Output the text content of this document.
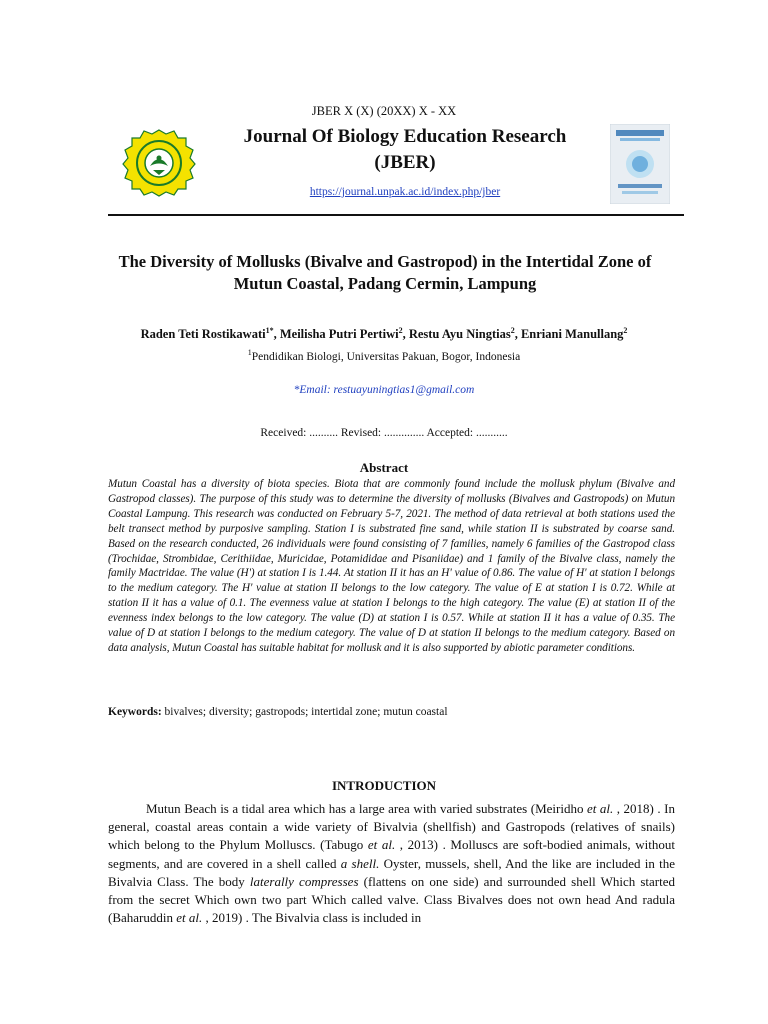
JBER X (X) (20XX) X - XX
Journal Of Biology Education Research
(JBER)
https://journal.unpak.ac.id/index.php/jber
The Diversity of Mollusks (Bivalve and Gastropod) in the Intertidal Zone of
Mutun Coastal, Padang Cermin, Lampung
Raden Teti Rostikawati$^{1*}$, Meilisha Putri Pertiwi$^2$, Restu Ayu Ningtias$^2$, Enriani Manullang$^2$
$^1$Pendidikan Biologi, Universitas Pakuan, Bogor, Indonesia
*Email: restuayuningtias1@gmail.com
Received: .......... Revised: .............. Accepted: ...........
Abstract
Mutun Coastal has a diversity of biota species. Biota that are commonly found include the mollusk phylum (Bivalve and Gastropod classes). The purpose of this study was to determine the diversity of mollusks (Bivalves and Gastropods) on Mutun Coastal Lampung. This research was conducted on February 5-7, 2021. The method of data retrieval at both stations used the belt transect method by purposive sampling. Station I is substrated fine sand, while station II is substrated by coarse sand. Based on the research conducted, 26 individuals were found consisting of 7 families, namely 6 families of the Gastropod class (Trochidae, Strombidae, Cerithiidae, Muricidae, Potamididae and Pisaniidae) and 1 family of the Bivalve class, namely the family Mactridae. The value (H') at station I is 1.44. At station II it has an H' value of 0.86. The value of H' at station I belongs to the medium category. The H' value at station II belongs to the low category. The value of E at station I is 0.72. While at station II it has a value of 0.1. The evenness value at station I belongs to the high category. The value (E) at station II of the evenness index belongs to the low category. The value (D) at station I is 0.57. While at station II it has a value of 0.35. The value of D at station I belongs to the medium category. The value of D at station II belongs to the medium category. Based on data analysis, Mutun Coastal has suitable habitat for mollusk and it is also supported by abiotic parameter conditions.
Keywords: bivalves; diversity; gastropods; intertidal zone; mutun coastal
INTRODUCTION
Mutun Beach is a tidal area which has a large area with varied substrates (Meiridho et al. , 2018) . In general, coastal areas contain a wide variety of Bivalvia (shellfish) and Gastropods (relatives of snails) which belong to the Phylum Molluscs. (Tabugo et al. , 2013) . Molluscs are soft-bodied animals, without segments, and are covered in a shell called a shell. Oyster, mussels, shell, And the like are included in the Bivalvia Class. The body laterally compresses (flattens on one side) and surrounded shell Which started from the secret Which own two part Which called valve. Class Bivalves does not own head And radula (Baharuddin et al. , 2019) . The Bivalvia class is included in
